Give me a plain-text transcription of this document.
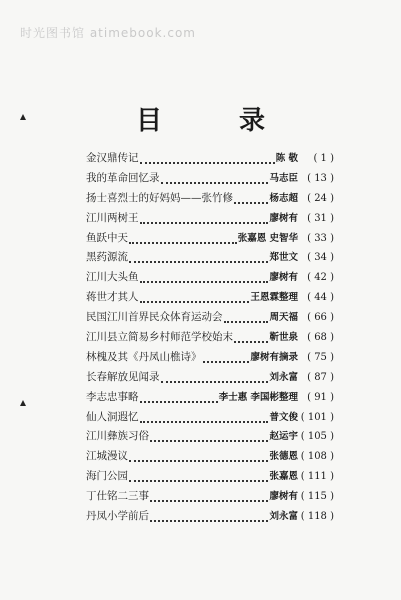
时光图书馆 atimebook.com
目 录
金汉鼎传记	陈 敬	( 1 )
我的革命回忆录	马志臣 ( 13 )
扬士喜烈士的好妈妈——张竹修	杨志超 ( 24 )
江川两树王	廖树有 ( 31 )
鱼跃中天	张嘉恩 史智华 ( 33 )
黑药源流	郑世文 ( 34 )
江川大头鱼	廖树有 ( 42 )
蒋世才其人	王恩霖整理 ( 44 )
民国江川首界民众体育运动会	周天福 ( 66 )
江川县立简易乡村师范学校始末	靳世泉 ( 68 )
林槐及其《丹凤山樵诗》	廖树有摘录 ( 75 )
长春解放见闻录	刘永富 ( 87 )
李志忠事略	李士惠 李国彬整理 ( 91 )
仙人洞遐忆	普文俊 ( 101 )
江川彝族习俗	赵运宇 ( 105 )
江城漫议	张德恩 ( 108 )
海门公园	张嘉恩 ( 111 )
丁仕铭二三事	廖树有 ( 115 )
丹凤小学前后	刘永富 ( 118 )
